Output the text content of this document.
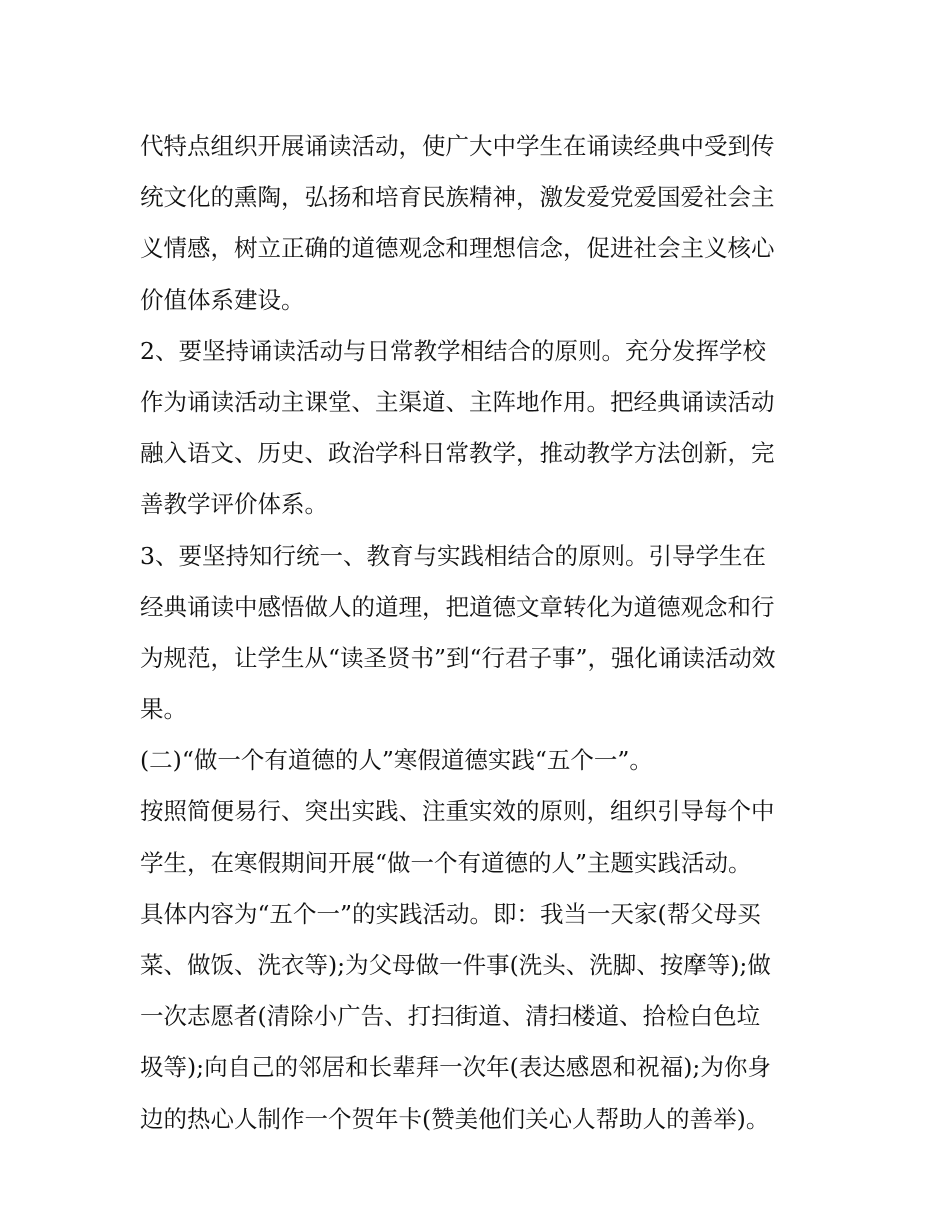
代特点组织开展诵读活动，使广大中学生在诵读经典中受到传
统文化的熏陶，弘扬和培育民族精神，激发爱党爱国爱社会主
义情感，树立正确的道德观念和理想信念，促进社会主义核心
价值体系建设。
2、要坚持诵读活动与日常教学相结合的原则。充分发挥学校
作为诵读活动主课堂、主渠道、主阵地作用。把经典诵读活动
融入语文、历史、政治学科日常教学，推动教学方法创新，完
善教学评价体系。
3、要坚持知行统一、教育与实践相结合的原则。引导学生在
经典诵读中感悟做人的道理，把道德文章转化为道德观念和行
为规范，让学生从“读圣贤书”到“行君子事”，强化诵读活动效
果。
(二)“做一个有道德的人”寒假道德实践“五个一”。
按照简便易行、突出实践、注重实效的原则，组织引导每个中
学生，在寒假期间开展“做一个有道德的人”主题实践活动。
具体内容为“五个一”的实践活动。即：我当一天家(帮父母买
菜、做饭、洗衣等);为父母做一件事(洗头、洗脚、按摩等);做
一次志愿者(清除小广告、打扫街道、清扫楼道、拾检白色垃
圾等);向自己的邻居和长辈拜一次年(表达感恩和祝福);为你身
边的热心人制作一个贺年卡(赞美他们关心人帮助人的善举)。
